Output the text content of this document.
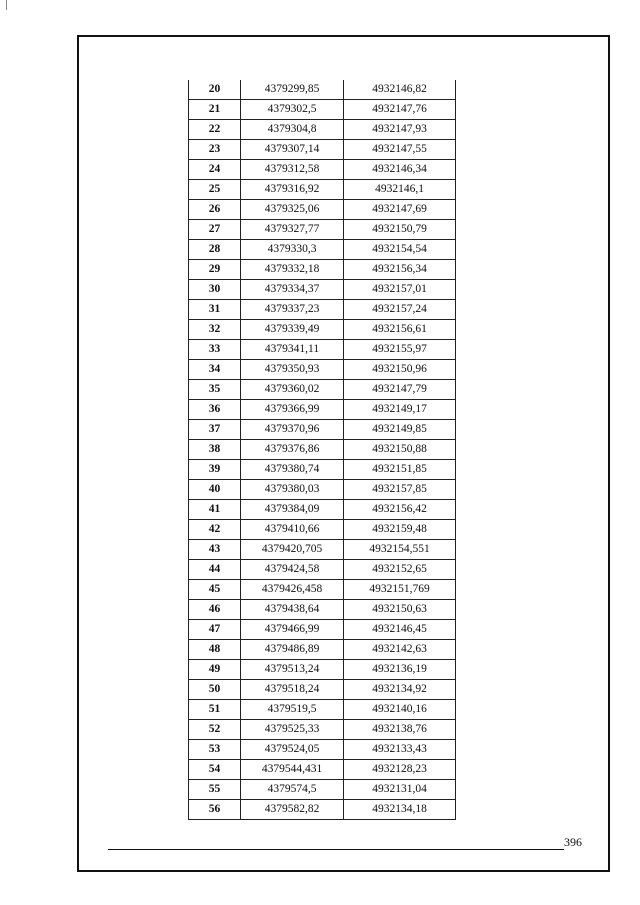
20	4379299,85	4932146,82
21	4379302,5	4932147,76
22	4379304,8	4932147,93
23	4379307,14	4932147,55
24	4379312,58	4932146,34
25	4379316,92	4932146,1
26	4379325,06	4932147,69
27	4379327,77	4932150,79
28	4379330,3	4932154,54
29	4379332,18	4932156,34
30	4379334,37	4932157,01
31	4379337,23	4932157,24
32	4379339,49	4932156,61
33	4379341,11	4932155,97
34	4379350,93	4932150,96
35	4379360,02	4932147,79
36	4379366,99	4932149,17
37	4379370,96	4932149,85
38	4379376,86	4932150,88
39	4379380,74	4932151,85
40	4379380,03	4932157,85
41	4379384,09	4932156,42
42	4379410,66	4932159,48
43	4379420,705	4932154,551
44	4379424,58	4932152,65
45	4379426,458	4932151,769
46	4379438,64	4932150,63
47	4379466,99	4932146,45
48	4379486,89	4932142,63
49	4379513,24	4932136,19
50	4379518,24	4932134,92
51	4379519,5	4932140,16
52	4379525,33	4932138,76
53	4379524,05	4932133,43
54	4379544,431	4932128,23
55	4379574,5	4932131,04
56	4379582,82	4932134,18
396
